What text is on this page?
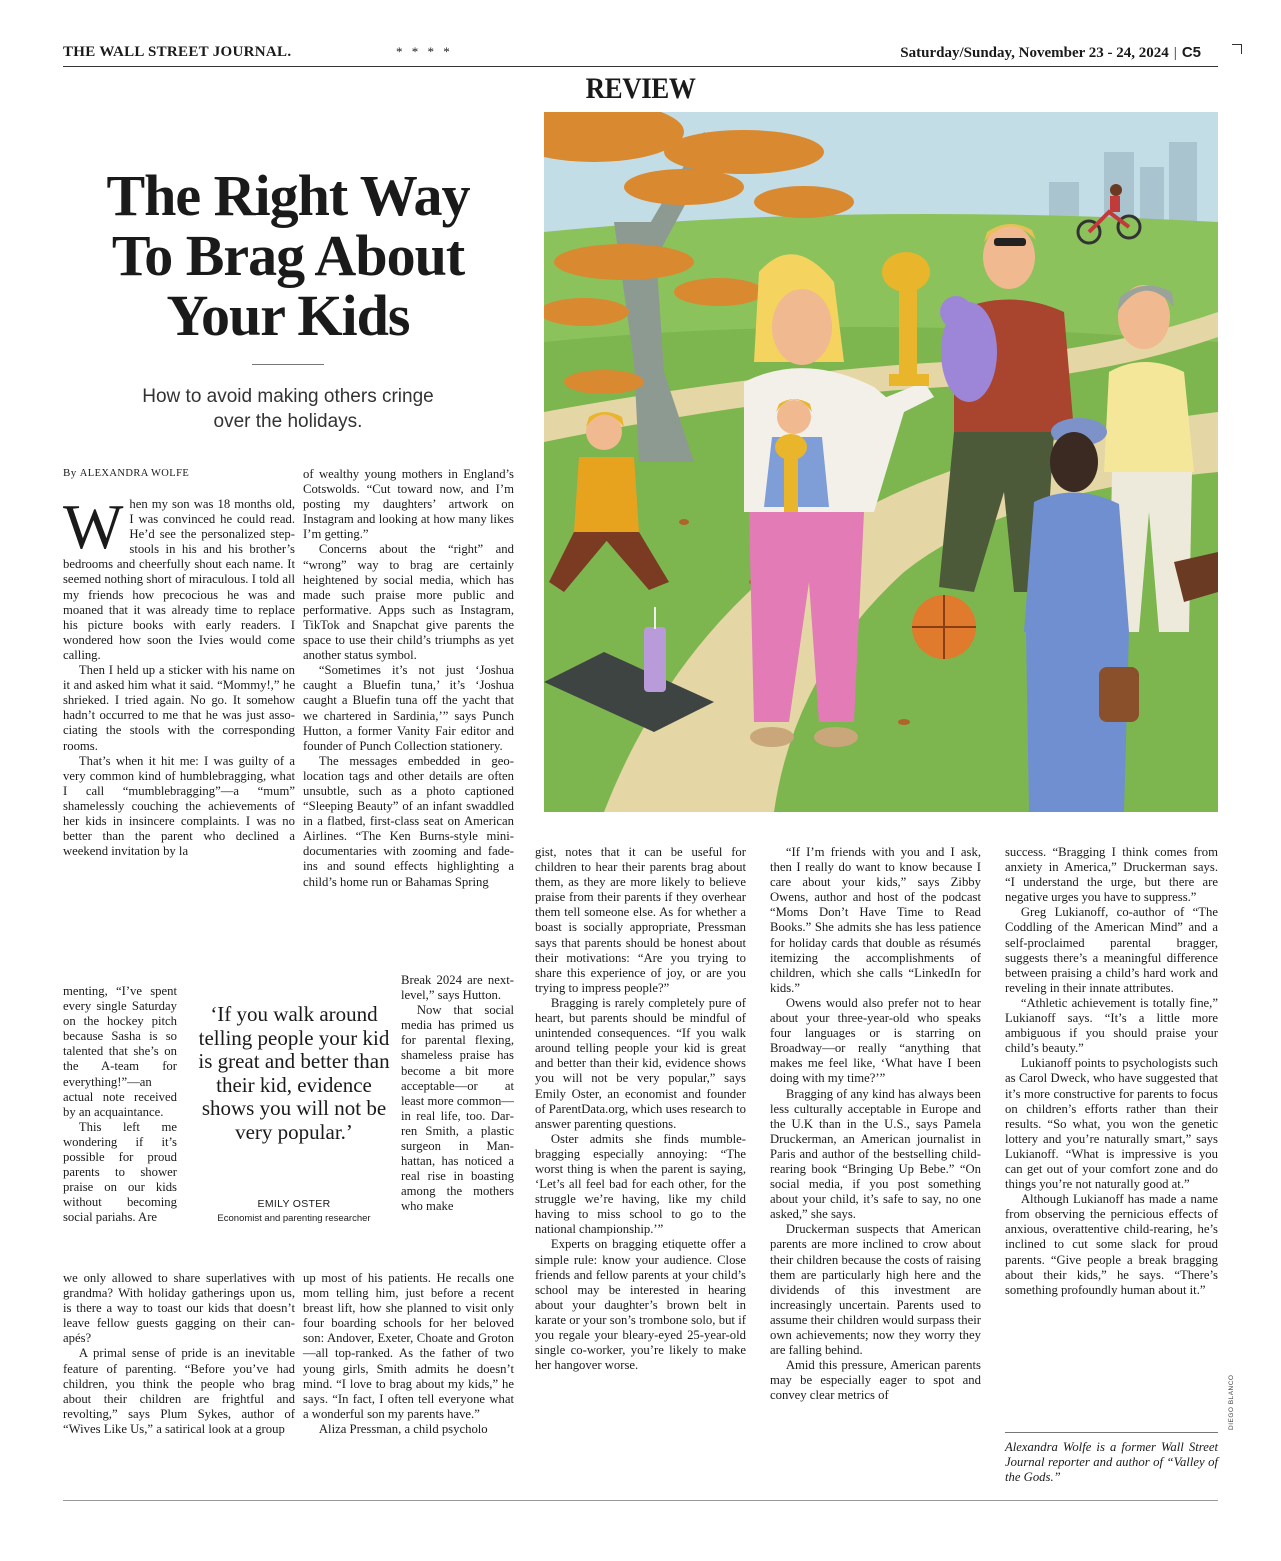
THE WALL STREET JOURNAL.	* * * *	Saturday/Sunday, November 23 - 24, 2024 | C5
REVIEW
The Right Way
To Brag About
Your Kids
How to avoid making others cringe
over the holidays.
By ALEXANDRA WOLFE
W hen my son was 18 months old, I was convinced he could read. He’d see the personalized stepstools in his and his brother’s bedrooms and cheerfully shout each name. It seemed nothing short of miraculous. I told all my friends how precocious he was and moaned that it was already time to replace his picture books with early readers. I wondered how soon the Ivies would come calling.

Then I held up a sticker with his name on it and asked him what it said. “Mommy!,” he shrieked. I tried again. No go. It somehow hadn’t occurred to me that he was just associating the stools with the corresponding rooms.

That’s when it hit me: I was guilty of a very common kind of humblebragging, what I call “mumblebragging”—a “mum” shamelessly couching the achievements of her kids in insincere complaints. I was no better than the parent who declined a weekend invitation by la

menting, “I’ve spent every single Saturday on the hockey pitch because Sasha is so talented that she’s on the A-team for everything!”—an actual note received by an acquaintance.

This left me wondering if it’s possible for proud parents to shower praise on our kids without becoming social pariahs. Are

we only allowed to share superlatives with grandma? With holiday gatherings upon us, is there a way to toast our kids that doesn’t leave fellow guests gagging on their canapés?

A primal sense of pride is an inevitable feature of parenting. “Before you’ve had children, you think the people who brag about their children are frightful and revolting,” says Plum Sykes, author of “Wives Like Us,” a satirical look at a group

of wealthy young mothers in England’s Cotswolds. “Cut toward now, and I’m posting my daughters’ artwork on Instagram and looking at how many likes I’m getting.”

Concerns about the “right” and “wrong” way to brag are certainly heightened by social media, which has made such praise more public and performative. Apps such as Instagram, TikTok and Snapchat give parents the space to use their child’s triumphs as yet another status symbol.

“Sometimes it’s not just ‘Joshua caught a Bluefin tuna,’ it’s ‘Joshua caught a Bluefin tuna off the yacht that we chartered in Sardinia,’” says Punch Hutton, a former Vanity Fair editor and founder of Punch Collection stationery.

The messages embedded in geolocation tags and other details are often unsubtle, such as a photo captioned “Sleeping Beauty” of an infant swaddled in a flatbed, first-class seat on American Airlines. “The Ken Burns-style mini-documentaries with zooming and fade-ins and sound effects highlighting a child’s home run or Bahamas Spring

Break 2024 are next-level,” says Hutton.

Now that social media has primed us for parental flexing, shameless praise has become a bit more acceptable—or at least more common—in real life, too. Darren Smith, a plastic surgeon in Manhattan, has noticed a real rise in boasting among the mothers who make

up most of his patients. He recalls one mom telling him, just before a recent breast lift, how she planned to visit only four boarding schools for her beloved son: Andover, Exeter, Choate and Groton—all top-ranked. As the father of two young girls, Smith admits he doesn’t mind. “I love to brag about my kids,” he says. “In fact, I often tell everyone what a wonderful son my parents have.”

Aliza Pressman, a child psycholo

‘If you walk around telling people your kid is great and better than their kid, evidence shows you will not be very popular.’
EMILY OSTER
Economist and parenting researcher

gist, notes that it can be useful for children to hear their parents brag about them, as they are more likely to believe praise from their parents if they overhear them tell someone else. As for whether a boast is socially appropriate, Pressman says that parents should be honest about their motivations: “Are you trying to share this experience of joy, or are you trying to impress people?”

Bragging is rarely completely pure of heart, but parents should be mindful of unintended consequences. “If you walk around telling people your kid is great and better than their kid, evidence shows you will not be very popular,” says Emily Oster, an economist and founder of ParentData.org, which uses research to answer parenting questions.

Oster admits she finds mumblebragging especially annoying: “The worst thing is when the parent is saying, ‘Let’s all feel bad for each other, for the struggle we’re having, like my child having to miss school to go to the national championship.’”

Experts on bragging etiquette offer a simple rule: know your audience. Close friends and fellow parents at your child’s school may be interested in hearing about your daughter’s brown belt in karate or your son’s trombone solo, but if you regale your bleary-eyed 25-year-old single co-worker, you’re likely to make her hangover worse.

“If I’m friends with you and I ask, then I really do want to know because I care about your kids,” says Zibby Owens, author and host of the podcast “Moms Don’t Have Time to Read Books.” She admits she has less patience for holiday cards that double as résumés itemizing the accomplishments of children, which she calls “LinkedIn for kids.”

Owens would also prefer not to hear about your three-year-old who speaks four languages or is starring on Broadway—or really “anything that makes me feel like, ‘What have I been doing with my time?’”

Bragging of any kind has always been less culturally acceptable in Europe and the U.K than in the U.S., says Pamela Druckerman, an American journalist in Paris and author of the bestselling child-rearing book “Bringing Up Bebe.” “On social media, if you post something about your child, it’s safe to say, no one asked,” she says.

Druckerman suspects that American parents are more inclined to crow about their children because the costs of raising them are particularly high here and the dividends of this investment are increasingly uncertain. Parents used to assume their children would surpass their own achievements; now they worry they are falling behind.

Amid this pressure, American parents may be especially eager to spot and convey clear metrics of

success. “Bragging I think comes from anxiety in America,” Druckerman says. “I understand the urge, but there are negative urges you have to suppress.”

Greg Lukianoff, co-author of “The Coddling of the American Mind” and a self-proclaimed parental bragger, suggests there’s a meaningful difference between praising a child’s hard work and reveling in their innate attributes.

“Athletic achievement is totally fine,” Lukianoff says. “It’s a little more ambiguous if you should praise your child’s beauty.”

Lukianoff points to psychologists such as Carol Dweck, who have suggested that it’s more constructive for parents to focus on children’s efforts rather than their results. “So what, you won the genetic lottery and you’re naturally smart,” says Lukianoff. “What is impressive is you can get out of your comfort zone and do things you’re not naturally good at.”

Although Lukianoff has made a name from observing the pernicious effects of anxious, overattentive child-rearing, he’s inclined to cut some slack for proud parents. “Give people a break bragging about their kids,” he says. “There’s something profoundly human about it.”

Alexandra Wolfe is a former Wall Street Journal reporter and author of “Valley of the Gods.”

DIEGO BLANCO
